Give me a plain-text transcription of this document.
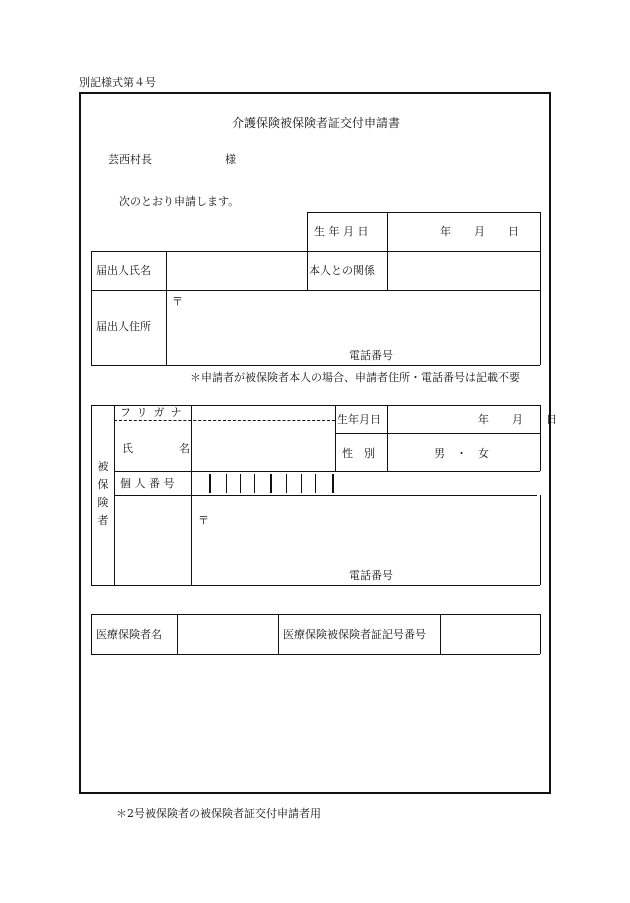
別記様式第４号
介護保険被保険者証交付申請書
芸西村長	様
次のとおり申請します。
生 年 月 日	年　月　日
届出人氏名	本人との関係
届出人住所
〒
電話番号
＊申請者が被保険者本人の場合、申請者住所・電話番号は記載不要
被
保
険
者
フリガナ
氏　　名
生年月日	年　月　日
性　別	男　・　女
個 人 番 号
〒
電話番号
医療保険者名	医療保険被保険者証記号番号
＊2号被保険者の被保険者証交付申請者用
